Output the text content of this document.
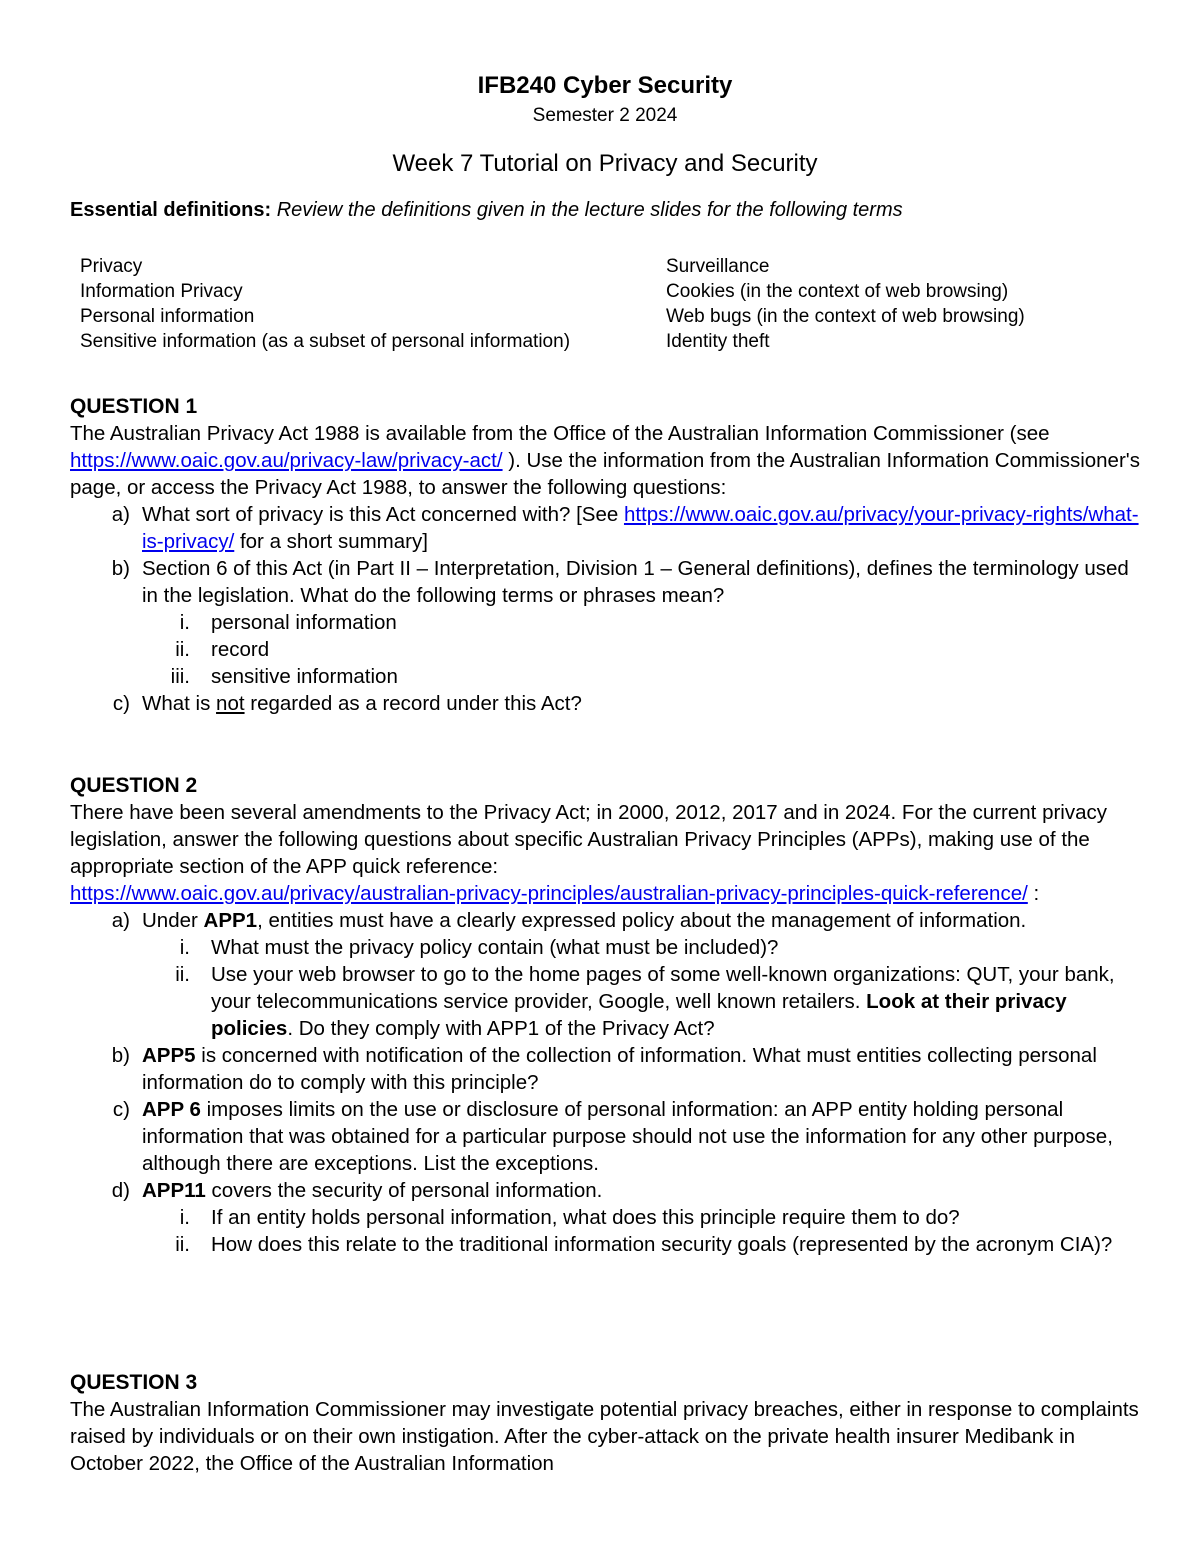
IFB240 Cyber Security
Semester 2 2024
Week 7 Tutorial on Privacy and Security
Essential definitions: Review the definitions given in the lecture slides for the following terms
Privacy
Information Privacy
Personal information
Sensitive information (as a subset of personal information)
Surveillance
Cookies (in the context of web browsing)
Web bugs (in the context of web browsing)
Identity theft
QUESTION 1
The Australian Privacy Act 1988 is available from the Office of the Australian Information Commissioner (see https://www.oaic.gov.au/privacy-law/privacy-act/ ). Use the information from the Australian Information Commissioner's page, or access the Privacy Act 1988, to answer the following questions:
a) What sort of privacy is this Act concerned with? [See https://www.oaic.gov.au/privacy/your-privacy-rights/what-is-privacy/ for a short summary]
b) Section 6 of this Act (in Part II – Interpretation, Division 1 – General definitions), defines the terminology used in the legislation. What do the following terms or phrases mean?
i. personal information
ii. record
iii. sensitive information
c) What is not regarded as a record under this Act?
QUESTION 2
There have been several amendments to the Privacy Act; in 2000, 2012, 2017 and in 2024. For the current privacy legislation, answer the following questions about specific Australian Privacy Principles (APPs), making use of the appropriate section of the APP quick reference:
https://www.oaic.gov.au/privacy/australian-privacy-principles/australian-privacy-principles-quick-reference/ :
a) Under APP1, entities must have a clearly expressed policy about the management of information.
i. What must the privacy policy contain (what must be included)?
ii. Use your web browser to go to the home pages of some well-known organizations: QUT, your bank, your telecommunications service provider, Google, well known retailers. Look at their privacy policies. Do they comply with APP1 of the Privacy Act?
b) APP5 is concerned with notification of the collection of information. What must entities collecting personal information do to comply with this principle?
c) APP 6 imposes limits on the use or disclosure of personal information: an APP entity holding personal information that was obtained for a particular purpose should not use the information for any other purpose, although there are exceptions. List the exceptions.
d) APP11 covers the security of personal information.
i. If an entity holds personal information, what does this principle require them to do?
ii. How does this relate to the traditional information security goals (represented by the acronym CIA)?
QUESTION 3
The Australian Information Commissioner may investigate potential privacy breaches, either in response to complaints raised by individuals or on their own instigation. After the cyber-attack on the private health insurer Medibank in October 2022, the Office of the Australian Information
